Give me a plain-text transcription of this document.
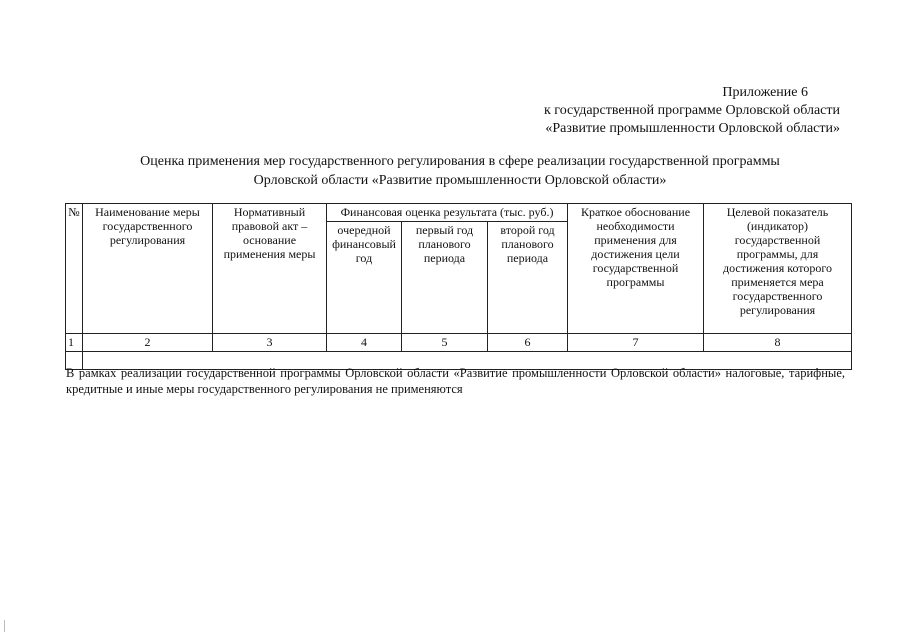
Приложение 6
к государственной программе Орловской области
«Развитие промышленности Орловской области»
Оценка применения мер государственного регулирования в сфере реализации государственной программы
Орловской области «Развитие промышленности Орловской области»
№	Наименование меры государственного регулирования	Нормативный правовой акт – основание применения меры	Финансовая оценка результата (тыс. руб.)			Краткое обоснование необходимости применения для достижения цели государственной программы	Целевой показатель (индикатор) государственной программы, для достижения которого применяется мера государственного регулирования
			очередной финансовый год	первый год планового периода	второй год планового периода		
1	2	3	4	5	6	7	8

В рамках реализации государственной программы Орловской области «Развитие промышленности Орловской области» налоговые, тарифные, кредитные и иные меры государственного регулирования не применяются
